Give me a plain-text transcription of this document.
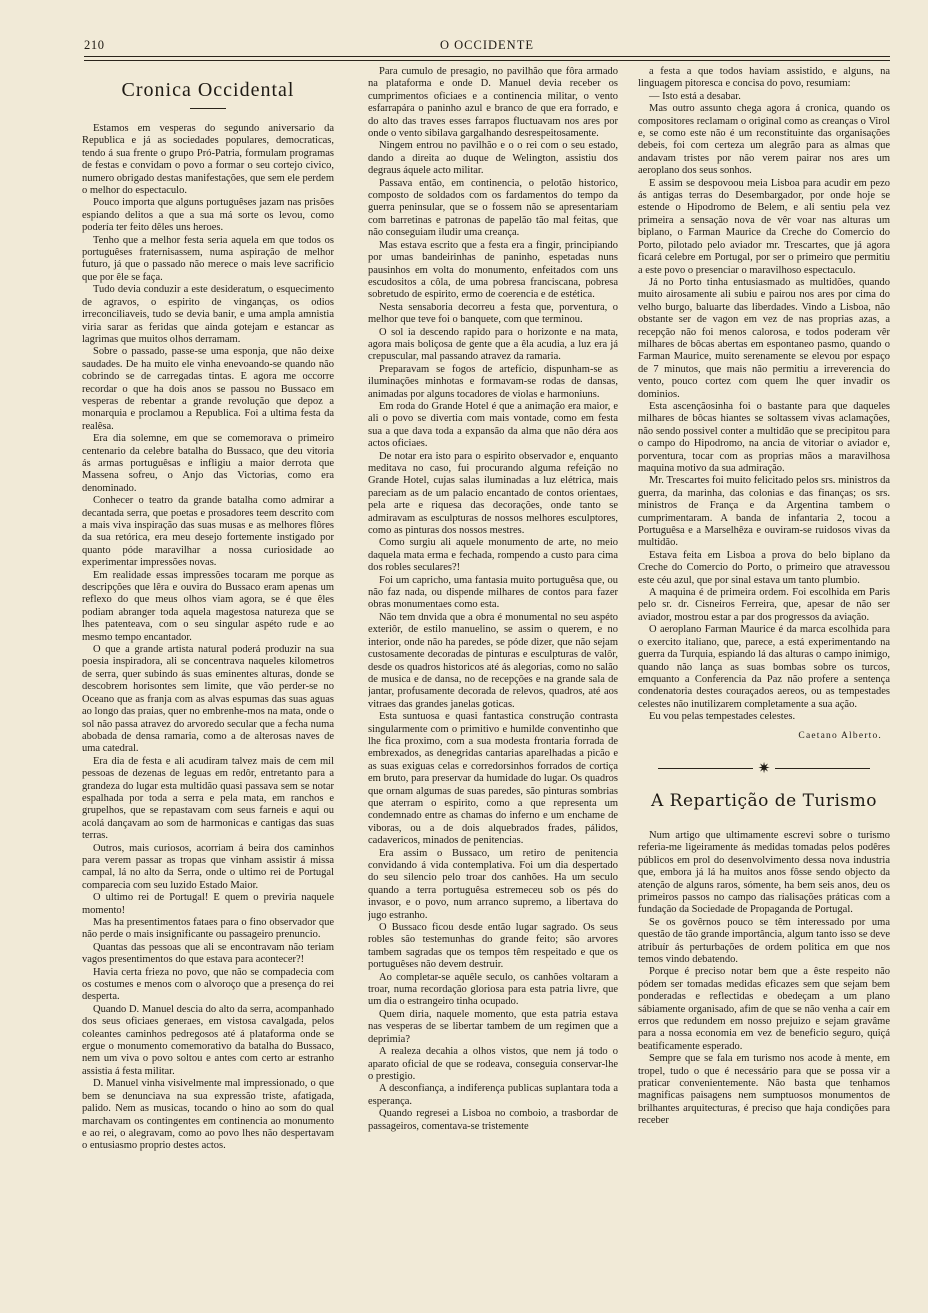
210	O OCCIDENTE
Cronica Occidental

Estamos em vesperas do segundo aniversario da Republica e já as sociedades populares, democraticas, tendo á sua frente o grupo Pró-Patria, formulam programas de festas e convidam o povo a formar o seu cortejo civico, numero obrigado destas manifestações, que sem ele perdem o melhor do espectaculo.

Pouco importa que alguns portuguêses jazam nas prisões espiando delitos a que a sua má sorte os levou, como podería ter feito dêles uns heroes.

Tenho que a melhor festa seria aquela em que todos os portuguêses fraternisassem, numa aspiração de melhor futuro, já que o passado não merece o mais leve sacrificio que por êle se faça.

Tudo devia conduzir a este desideratum, o esquecimento de agravos, o espirito de vinganças, os odios irreconciliaveis, tudo se devia banir, e uma ampla amnistia viria sarar as feridas que ainda gotejam e estancar as lagrimas que muitos olhos derramam.

Sobre o passado, passe-se uma esponja, que não deixe saudades. De ha muito ele vinha enevoando-se quando não cobrindo se de carregadas tintas. E agora me occorre recordar o que ha dois anos se passou no Bussaco em vesperas de rebentar a grande revolução que depoz a monarquia e proclamou a Republica. Foi a ultima festa da realêsa.

Era dia solemne, em que se comemorava o primeiro centenario da celebre batalha do Bussaco, que deu vitoria ás armas portuguêsas e infligiu a maior derrota que Massena sofreu, o Anjo das Victorias, como era denominado.

Conhecer o teatro da grande batalha como admirar a decantada serra, que poetas e prosadores teem descrito com a mais viva inspiração das suas musas e as melhores flôres da sua retórica, era meu desejo fortemente instigado por quanto póde maravilhar a nossa curiosidade ao experimentar impressões novas.

Em realidade essas impressões tocaram me porque as descripções que lêra e ouvira do Bussaco eram apenas um reflexo do que meus olhos viam agora, se é que êles podiam abranger toda aquela magestosa natureza que se lhes patenteava, com o seu singular aspéto rude e ao mesmo tempo encantador.

O que a grande artista natural poderá produzir na sua poesia inspiradora, ali se concentrava naqueles kilometros de serra, quer subindo ás suas eminentes alturas, donde se descobrem horisontes sem limite, que vão perder-se no Oceano que as franja com as alvas espumas das suas aguas ao longo das praias, quer no embrenhe-mos na mata, onde o sol não passa atravez do arvoredo secular que a fecha numa abobada de densa ramaria, como a de alterosas naves de uma catedral.

Era dia de festa e ali acudiram talvez mais de cem mil pessoas de dezenas de leguas em redôr, entretanto para a grandeza do lugar esta multidão quasi passava sem se notar espalhada por toda a serra e pela mata, em ranchos e grupelhos, que se repastavam com seus farneis e aqui ou acolá dançavam ao som de harmonicas e cantigas das suas terras.

Outros, mais curiosos, acorriam á beira dos caminhos para verem passar as tropas que vinham assistir á missa campal, lá no alto da Serra, onde o ultimo rei de Portugal comparecia com seu luzido Estado Maior.

O ultimo rei de Portugal! E quem o previria naquele momento!

Mas ha presentimentos fataes para o fino observador que não perde o mais insignificante ou passageiro prenuncio.

Quantas das pessoas que ali se encontravam não teriam vagos presentimentos do que estava para acontecer?!

Havia certa frieza no povo, que não se compadecia com os costumes e menos com o alvoroço que a presença do rei desperta.

Quando D. Manuel descia do alto da serra, acompanhado dos seus oficiaes generaes, em vistosa cavalgada, pelos coleantes caminhos pedregosos até á plataforma onde se ergue o monumento comemorativo da batalha do Bussaco, nem um viva o povo soltou e antes com certo ar estranho assistia á festa militar.

D. Manuel vinha visivelmente mal impressionado, o que bem se denunciava na sua expressão triste, afatigada, palido. Nem as musicas, tocando o hino ao som do qual marchavam os contingentes em continencia ao monumento e ao rei, o alegravam, como ao povo lhes não despertavam o entusiasmo proprio destes actos.

Para cumulo de presagio, no pavilhão que fôra armado na plataforma e onde D. Manuel devia receber os cumprimentos oficiaes e a continencia militar, o vento esfarrapára o paninho azul e branco de que era forrado, e do alto das traves esses farrapos fluctuavam nos ares por onde o vento sibilava gargalhando desrespeitosamente.

Ningem entrou no pavilhão e o o rei com o seu estado, dando a direita ao duque de Welington, assistiu dos degraus áquele acto militar.

Passava então, em continencia, o pelotão historico, composto de soldados com os fardamentos do tempo da guerra peninsular, que se o fossem não se apresentariam com barretinas e patronas de papelão tão mal feitas, que não conseguiam iludir uma creança.

Mas estava escrito que a festa era a fingir, principiando por umas bandeirinhas de paninho, espetadas nuns pausinhos em volta do monumento, enfeitados com uns escudositos a côla, de uma pobresa franciscana, pobresa sobretudo de espirito, ermo de coerencia e de estética.

Nesta sensaboria decorreu a festa que, porventura, o melhor que teve foi o banquete, com que terminou.

O sol ia descendo rapido para o horizonte e na mata, agora mais boliçosa de gente que a êla acudia, a luz era já crepuscular, mal passando atravez da ramaria.

Preparavam se fogos de artefício, dispunham-se as iluminações minhotas e formavam-se rodas de dansas, animadas por alguns tocadores de violas e harmoniuns.

Em roda do Grande Hotel é que a animação era maior, e ali o povo se divertia com mais vontade, como em festa sua a que dava toda a expansão da alma que não déra aos actos oficiaes.

De notar era isto para o espirito observador e, enquanto meditava no caso, fui procurando alguma refeição no Grande Hotel, cujas salas iluminadas a luz elétrica, mais pareciam as de um palacio encantado de contos orientaes, pela arte e riquesa das decorações, onde tanto se admiravam as esculpturas de nossos melhores esculptores, como as pinturas dos nossos mestres.

Como surgiu ali aquele monumento de arte, no meio daquela mata erma e fechada, rompendo a custo para cima dos robles seculares?!

Foi um capricho, uma fantasia muito portuguêsa que, ou não faz nada, ou dispende milhares de contos para fazer obras monumentaes como esta.

Não tem dnvida que a obra é monumental no seu aspéto exteriôr, de estilo manuelino, se assim o querem, e no interior, onde não ha paredes, se póde dizer, que não sejam custosamente decoradas de pinturas e esculpturas de valôr, desde os quadros historicos até ás alegorias, como no salão de musica e de dansa, no de recepções e na grande sala de jantar, profusamente decorada de relevos, quadros, até aos vitraes das grandes janelas goticas.

Esta suntuosa e quasi fantastica construção contrasta singularmente com o primitivo e humilde conventinho que lhe fica proximo, com a sua modesta frontaria forrada de embrexados, as denegridas cantarias aparelhadas a picão e as suas exiguas celas e corredorsinhos forrados de cortiça em bruto, para preservar da humidade do lugar. Os quadros que ornam algumas de suas paredes, são pinturas sombrias que aterram o espirito, como a que representa um condemnado entre as chamas do inferno e um enchame de viboras, ou a de dois alquebrados frades, pálidos, cadavericos, minados de penitencias.

Era assim o Bussaco, um retiro de penitencia convidando á vida contemplativa. Foi um dia despertado do seu silencio pelo troar dos canhões. Ha um seculo quando a terra portuguêsa estremeceu sob os pés do invasor, e o povo, num arranco supremo, a libertava do jugo estranho.

O Bussaco ficou desde então lugar sagrado. Os seus robles são testemunhas do grande feito; são arvores tambem sagradas que os tempos têm respeitado e que os portuguêses não devem destruir.

Ao completar-se aquêle seculo, os canhões voltaram a troar, numa recordação gloriosa para esta patria livre, que um dia o estrangeiro tinha ocupado.

Quem diria, naquele momento, que esta patria estava nas vesperas de se libertar tambem de um regimen que a deprimia?

A realeza decahia a olhos vistos, que nem já todo o aparato oficial de que se rodeava, conseguia conservar-lhe o prestigio.

A desconfiança, a indiferença publicas suplantara toda a esperança.

Quando regresei a Lisboa no comboio, a trasbordar de passageiros, comentava-se tristemente

a festa a que todos haviam assistido, e alguns, na linguagem pitoresca e concisa do povo, resumiam:

— Isto está a desabar.

Mas outro assunto chega agora á cronica, quando os compositores reclamam o original como as creanças o Virol e, se como este não é um reconstituinte das organisações debeis, foi com certeza um alegrão para as almas que andavam tristes por não verem pairar nos ares um aeroplano dos seus sonhos.

E assim se despovoou meia Lisboa para acudir em pezo ás antigas terras do Desembargador, por onde hoje se estende o Hipodromo de Belem, e ali sentiu pela vez primeira a sensação nova de vêr voar nas alturas um biplano, o Farman Maurice da Creche do Comercio do Porto, pilotado pelo aviador mr. Trescartes, que já agora ficará celebre em Portugal, por ser o primeiro que permitiu a este povo o presenciar o maravilhoso espectaculo.

Já no Porto tinha entusiasmado as multidões, quando muito airosamente ali subiu e pairou nos ares por cima do velho burgo, baluarte das liberdades. Vindo a Lisboa, não obstante ser de vagon em vez de nas proprias azas, a recepção não foi menos calorosa, e todos poderam vêr milhares de bôcas abertas em espontaneo pasmo, quando o Farman Maurice, muito serenamente se elevou por espaço de 7 minutos, que mais não permitiu a irreverencia do vento, pouco cortez com quem lhe quer invadir os dominios.

Esta ascençãosinha foi o bastante para que daqueles milhares de bôcas hiantes se soltassem vivas aclamações, não sendo possivel conter a multidão que se precipitou para o campo do Hipodromo, na ancia de vitoriar o aviador e, porventura, tocar com as proprias mãos a maravilhosa maquina motivo da sua admiração.

Mr. Trescartes foi muito felicitado pelos srs. ministros da guerra, da marinha, das colonias e das finanças; os srs. ministros de França e da Argentina tambem o cumprimentaram. A banda de infantaria 2, tocou a Portuguêsa e a Marselhêza e ouviram-se ruidosos vivas da multidão.

Estava feita em Lisboa a prova do belo biplano da Creche do Comercio do Porto, o primeiro que atravessou este céu azul, que por sinal estava um tanto plumbio.

A maquina é de primeira ordem. Foi escolhida em Paris pelo sr. dr. Cisneiros Ferreira, que, apesar de não ser aviador, mostrou estar a par dos progressos da aviação.

O aeroplano Farman Maurice é da marca escolhida para o exercito italiano, que, parece, a está experimentando na guerra da Turquia, espiando lá das alturas o campo inimigo, quando não lança as suas bombas sobre os turcos, emquanto a Conferencia da Paz não profere a sentença condenatoria destes couraçados aereos, ou as tempestades celestes não inutilizarem completamente a sua ação.

Eu vou pelas tempestades celestes.

Caetano Alberto.

✷
A Repartição de Turismo

Num artigo que ultimamente escrevi sobre o turismo referia-me ligeiramente ás medidas tomadas pelos podêres públicos em prol do desenvolvimento dessa nova industria que, embora já lá ha muitos anos fôsse sendo objecto da atenção de alguns raros, sómente, ha bem seis anos, deu os primeiros passos no campo das rialisações práticas com a fundação da Sociedade de Propaganda de Portugal.

Se os govêrnos pouco se têm interessado por uma questão de tão grande importância, algum tanto isso se deve atribuír ás perturbações de ordem politica em que nos temos vindo debatendo.

Porque é preciso notar bem que a êste respeito não pódem ser tomadas medidas eficazes sem que sejam bem ponderadas e reflectidas e obedeçam a um plano sábiamente organisado, afim de que se não venha a caír em erros que redundem em nosso prejuizo e sejam gravâme para a nossa economia em vez de beneficio seguro, quiçá beatificamente esperado.

Sempre que se fala em turismo nos acode à mente, em tropel, tudo o que é necessário para que se possa vir a praticar convenientemente. Não basta que tenhamos magnificas paisagens nem sumptuosos monumentos de brilhantes arquitecturas, é preciso que haja condições para receber
